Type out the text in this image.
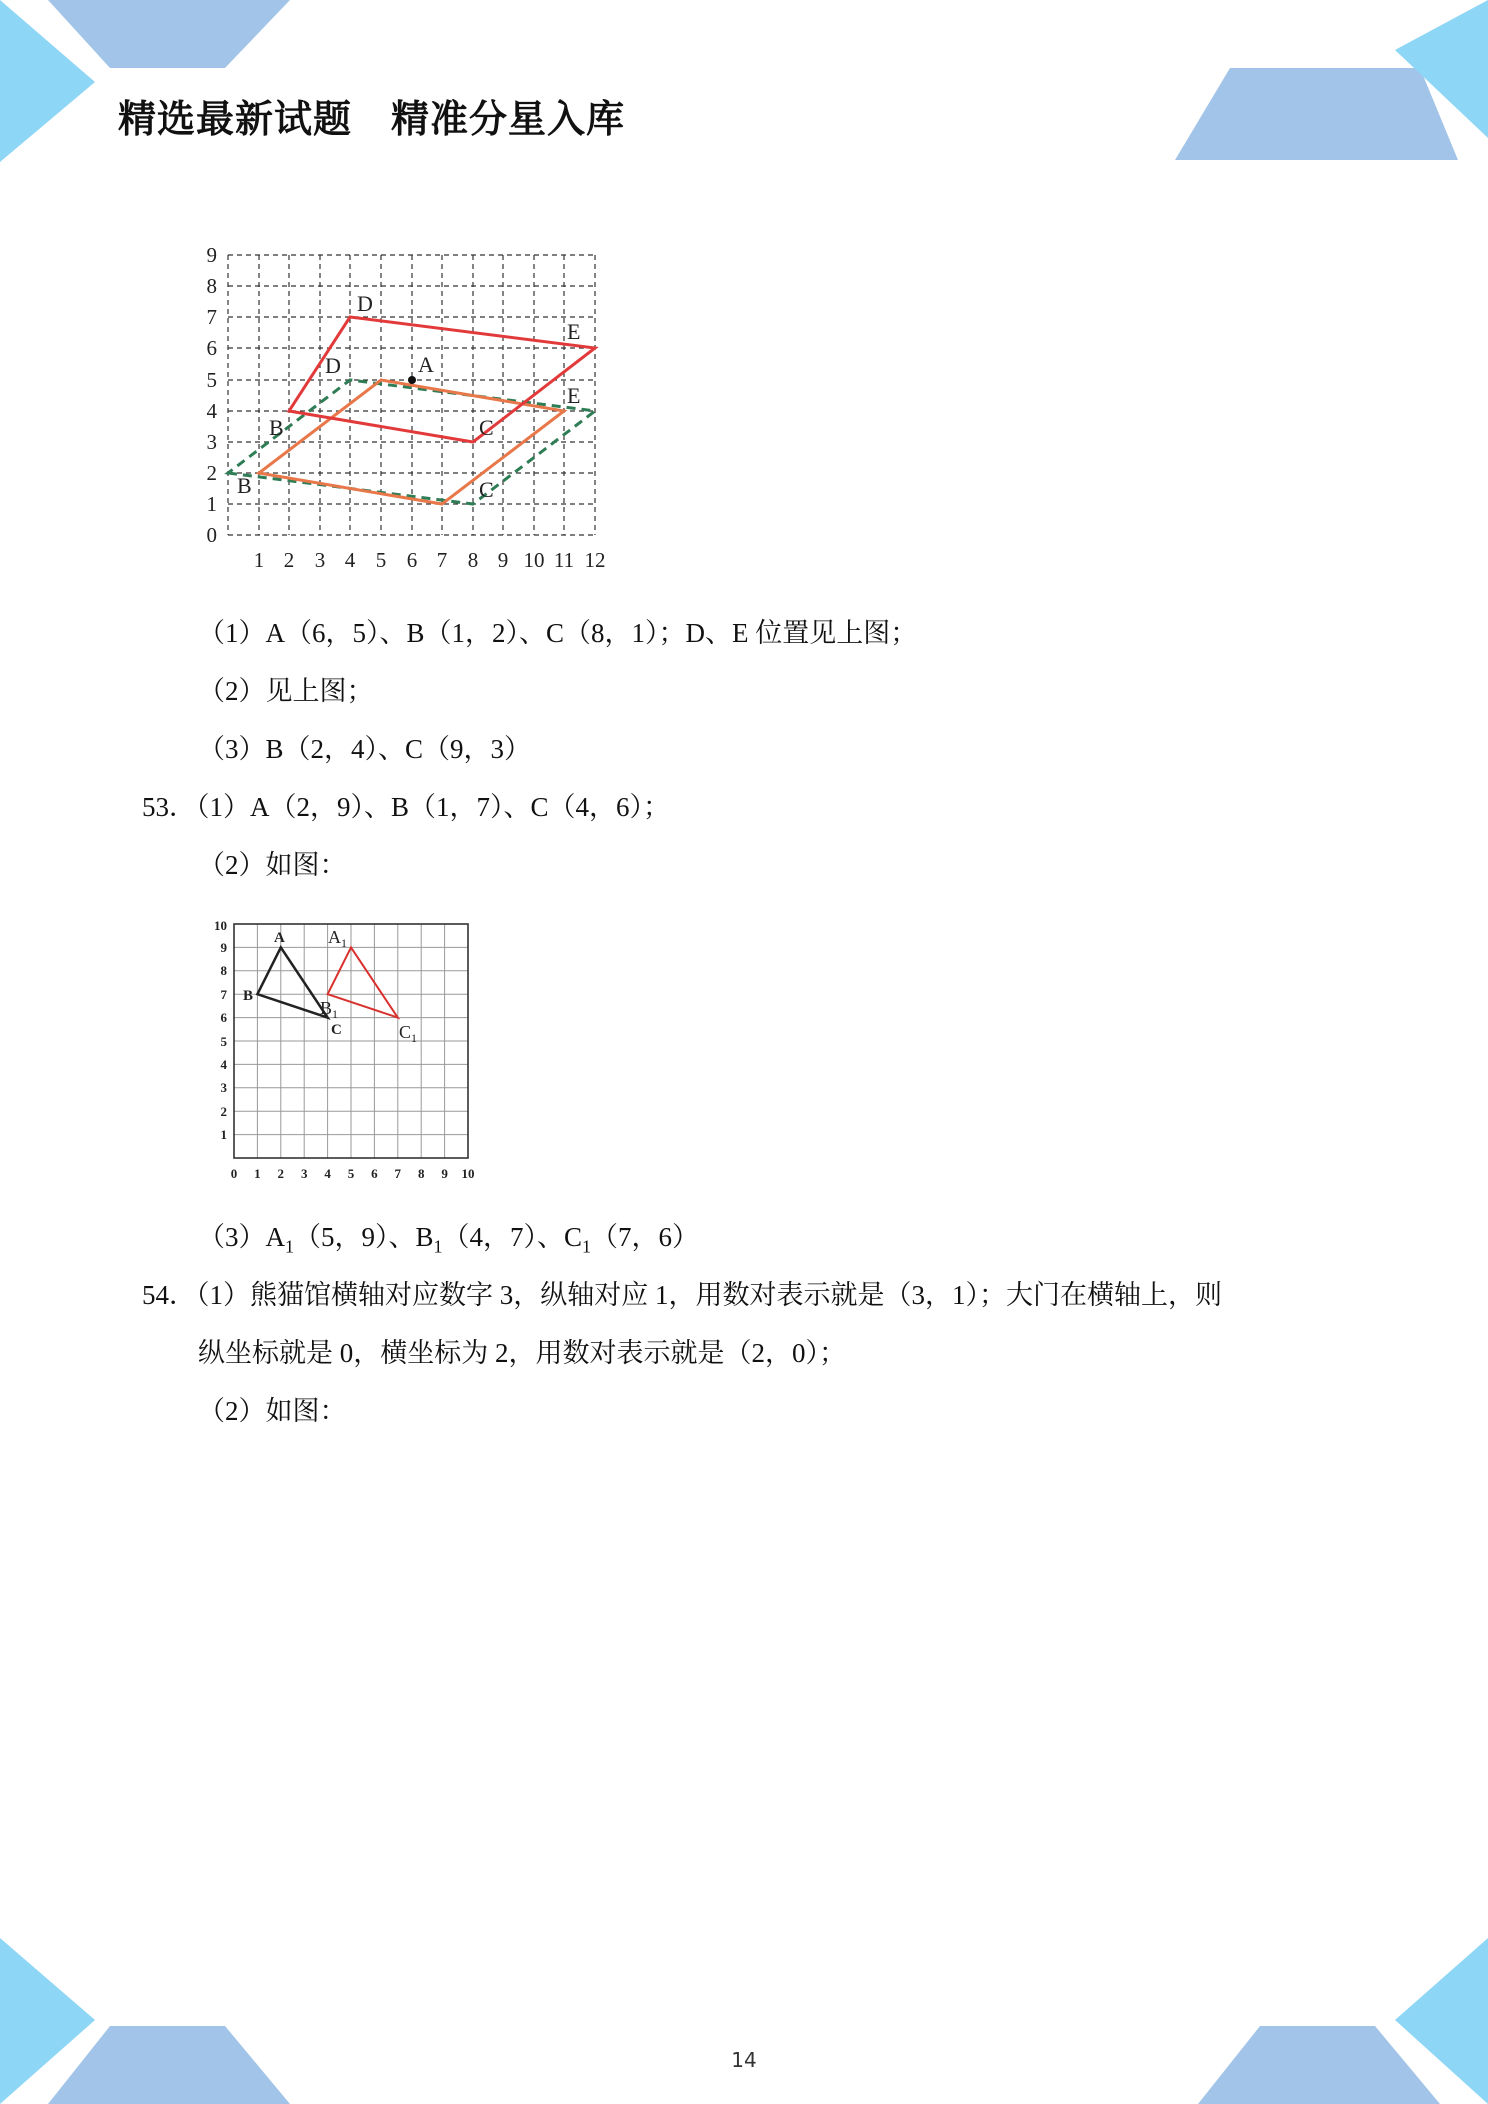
精选最新试题　精准分星入库
D
E
D	A
E
B	C
B	C
0
1
2
3
4
5
6
7
8
9
1 2 3 4 5 6 7 8 9 10 11 12
（1）A（6，5）、B（1，2）、C（8，1）；D、E 位置见上图；
（2）见上图；
（3）B（2，4）、C（9，3）
53．（1）A（2，9）、B（1，7）、C（4，6）；
（2）如图：
A
B
C
$A_1$
$B_1$
$C_1$
1
2
3
4
5
6
7
8
9
10
0 1 2 3 4 5 6 7 8 9 10
$(3)A_1(5$，9）、$B_1(4$，7）、$C_1(7$，6）
54．（1）熊猫馆横轴对应数字 3，纵轴对应 1，用数对表示就是（3，1）；大门在横轴上，则
纵坐标就是 0，横坐标为 2，用数对表示就是（2，0）；
（2）如图：
14
